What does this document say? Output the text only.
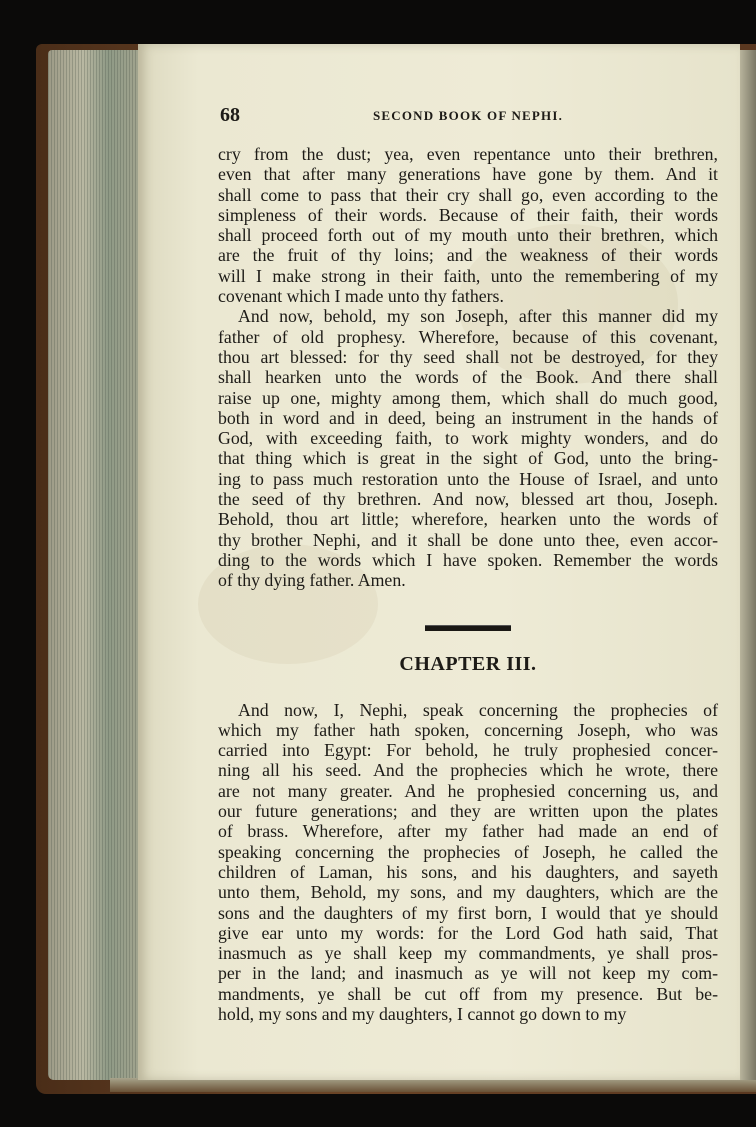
68	SECOND BOOK OF NEPHI.
cry from the dust; yea, even repentance unto their brethren,
even that after many generations have gone by them. And it
shall come to pass that their cry shall go, even according to the
simpleness of their words. Because of their faith, their words
shall proceed forth out of my mouth unto their brethren, which
are the fruit of thy loins; and the weakness of their words
will I make strong in their faith, unto the remembering of my
covenant which I made unto thy fathers.
And now, behold, my son Joseph, after this manner did my
father of old prophesy. Wherefore, because of this covenant,
thou art blessed: for thy seed shall not be destroyed, for they
shall hearken unto the words of the Book. And there shall
raise up one, mighty among them, which shall do much good,
both in word and in deed, being an instrument in the hands of
God, with exceeding faith, to work mighty wonders, and do
that thing which is great in the sight of God, unto the bring-
ing to pass much restoration unto the House of Israel, and unto
the seed of thy brethren. And now, blessed art thou, Joseph.
Behold, thou art little; wherefore, hearken unto the words of
thy brother Nephi, and it shall be done unto thee, even accor-
ding to the words which I have spoken. Remember the words
of thy dying father. Amen.
CHAPTER III.
And now, I, Nephi, speak concerning the prophecies of
which my father hath spoken, concerning Joseph, who was
carried into Egypt: For behold, he truly prophesied concer-
ning all his seed. And the prophecies which he wrote, there
are not many greater. And he prophesied concerning us, and
our future generations; and they are written upon the plates
of brass. Wherefore, after my father had made an end of
speaking concerning the prophecies of Joseph, he called the
children of Laman, his sons, and his daughters, and sayeth
unto them, Behold, my sons, and my daughters, which are the
sons and the daughters of my first born, I would that ye should
give ear unto my words: for the Lord God hath said, That
inasmuch as ye shall keep my commandments, ye shall pros-
per in the land; and inasmuch as ye will not keep my com-
mandments, ye shall be cut off from my presence. But be-
hold, my sons and my daughters, I cannot go down to my
